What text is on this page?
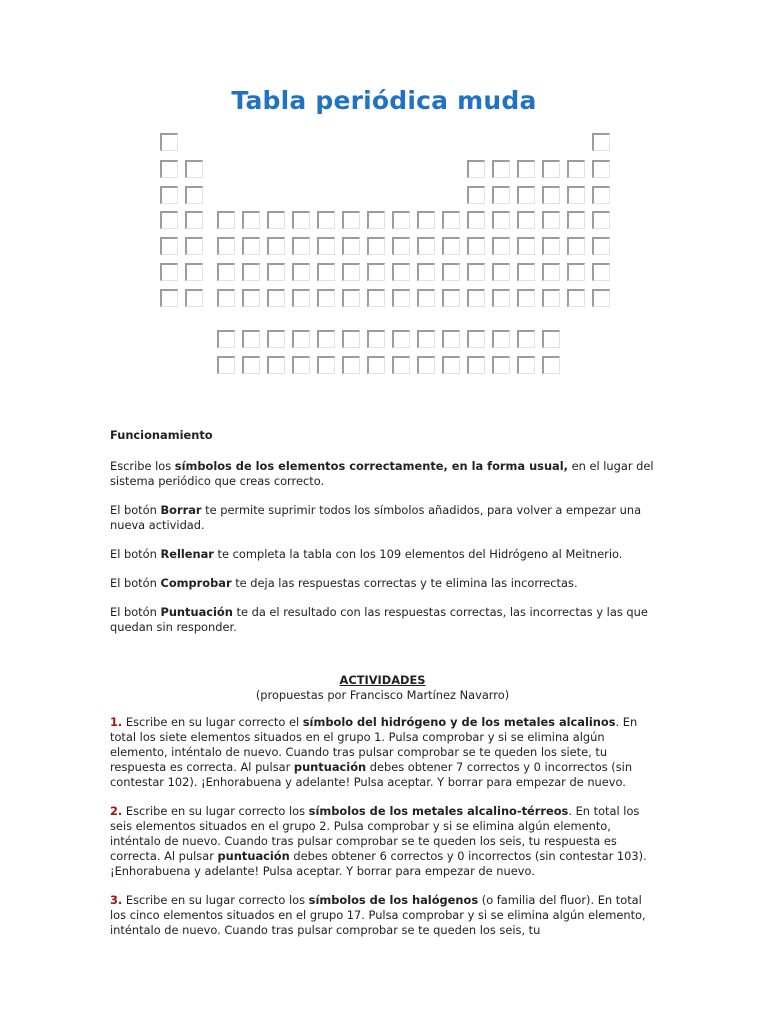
Tabla periódica muda

Funcionamiento

Escribe los símbolos de los elementos correctamente, en la forma usual, en el lugar del sistema periódico que creas correcto.

El botón Borrar te permite suprimir todos los símbolos añadidos, para volver a empezar una nueva actividad.

El botón Rellenar te completa la tabla con los 109 elementos del Hidrógeno al Meitnerio.

El botón Comprobar te deja las respuestas correctas y te elimina las incorrectas.

El botón Puntuación te da el resultado con las respuestas correctas, las incorrectas y las que quedan sin responder.

ACTIVIDADES
(propuestas por Francisco Martínez Navarro)

1. Escribe en su lugar correcto el símbolo del hidrógeno y de los metales alcalinos. En total los siete elementos situados en el grupo 1. Pulsa comprobar y si se elimina algún elemento, inténtalo de nuevo. Cuando tras pulsar comprobar se te queden los siete, tu respuesta es correcta. Al pulsar puntuación debes obtener 7 correctos y 0 incorrectos (sin contestar 102). ¡Enhorabuena y adelante! Pulsa aceptar. Y borrar para empezar de nuevo.

2. Escribe en su lugar correcto los símbolos de los metales alcalino-térreos. En total los seis elementos situados en el grupo 2. Pulsa comprobar y si se elimina algún elemento, inténtalo de nuevo. Cuando tras pulsar comprobar se te queden los seis, tu respuesta es correcta. Al pulsar puntuación debes obtener 6 correctos y 0 incorrectos (sin contestar 103). ¡Enhorabuena y adelante! Pulsa aceptar. Y borrar para empezar de nuevo.

3. Escribe en su lugar correcto los símbolos de los halógenos (o familia del fluor). En total los cinco elementos situados en el grupo 17. Pulsa comprobar y si se elimina algún elemento, inténtalo de nuevo. Cuando tras pulsar comprobar se te queden los seis, tu
